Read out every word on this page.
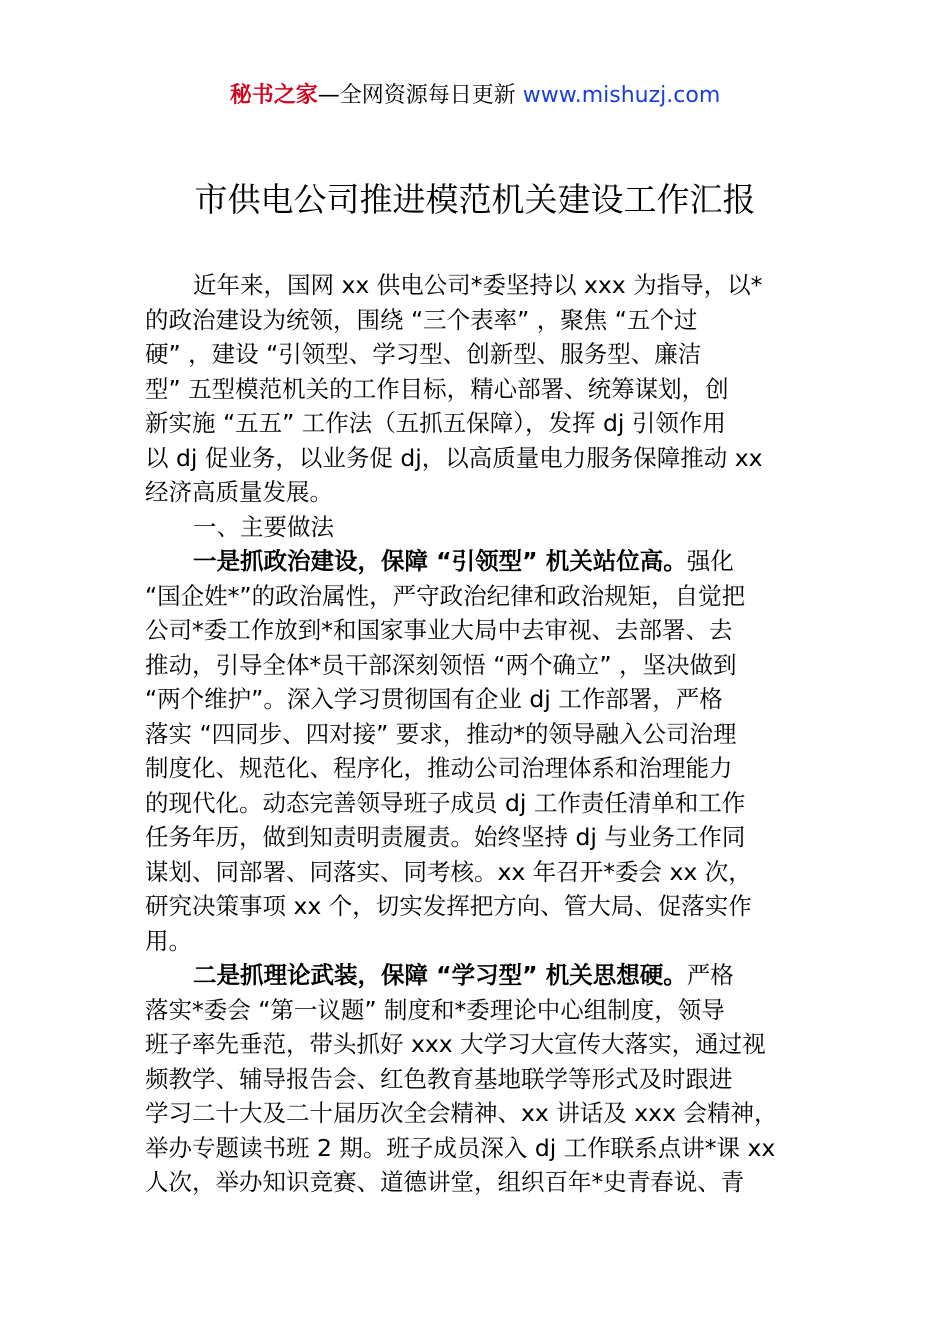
秘书之家—全网资源每日更新 www.mishuzj.com
市供电公司推进模范机关建设工作汇报
近年来，国网 xx 供电公司*委坚持以 xxx 为指导，以*
的政治建设为统领，围绕 “三个表率” ，聚焦 “五个过
硬” ，建设 “引领型、学习型、创新型、服务型、廉洁
型” 五型模范机关的工作目标，精心部署、统筹谋划，创
新实施 “五五” 工作法（五抓五保障），发挥 dj 引领作用
以 dj 促业务，以业务促 dj，以高质量电力服务保障推动 xx
经济高质量发展。
一、主要做法
一是抓政治建设，保障 “引领型” 机关站位高。强化
“国企姓*”的政治属性，严守政治纪律和政治规矩，自觉把
公司*委工作放到*和国家事业大局中去审视、去部署、去
推动，引导全体*员干部深刻领悟 “两个确立” ，坚决做到
“两个维护”。深入学习贯彻国有企业 dj 工作部署，严格
落实 “四同步、四对接” 要求，推动*的领导融入公司治理
制度化、规范化、程序化，推动公司治理体系和治理能力
的现代化。动态完善领导班子成员 dj 工作责任清单和工作
任务年历，做到知责明责履责。始终坚持 dj 与业务工作同
谋划、同部署、同落实、同考核。xx 年召开*委会 xx 次，
研究决策事项 xx 个，切实发挥把方向、管大局、促落实作
用。
二是抓理论武装，保障 “学习型” 机关思想硬。严格
落实*委会 “第一议题” 制度和*委理论中心组制度，领导
班子率先垂范，带头抓好 xxx 大学习大宣传大落实，通过视
频教学、辅导报告会、红色教育基地联学等形式及时跟进
学习二十大及二十届历次全会精神、xx 讲话及 xxx 会精神，
举办专题读书班 2 期。班子成员深入 dj 工作联系点讲*课 xx
人次，举办知识竞赛、道德讲堂，组织百年*史青春说、青
